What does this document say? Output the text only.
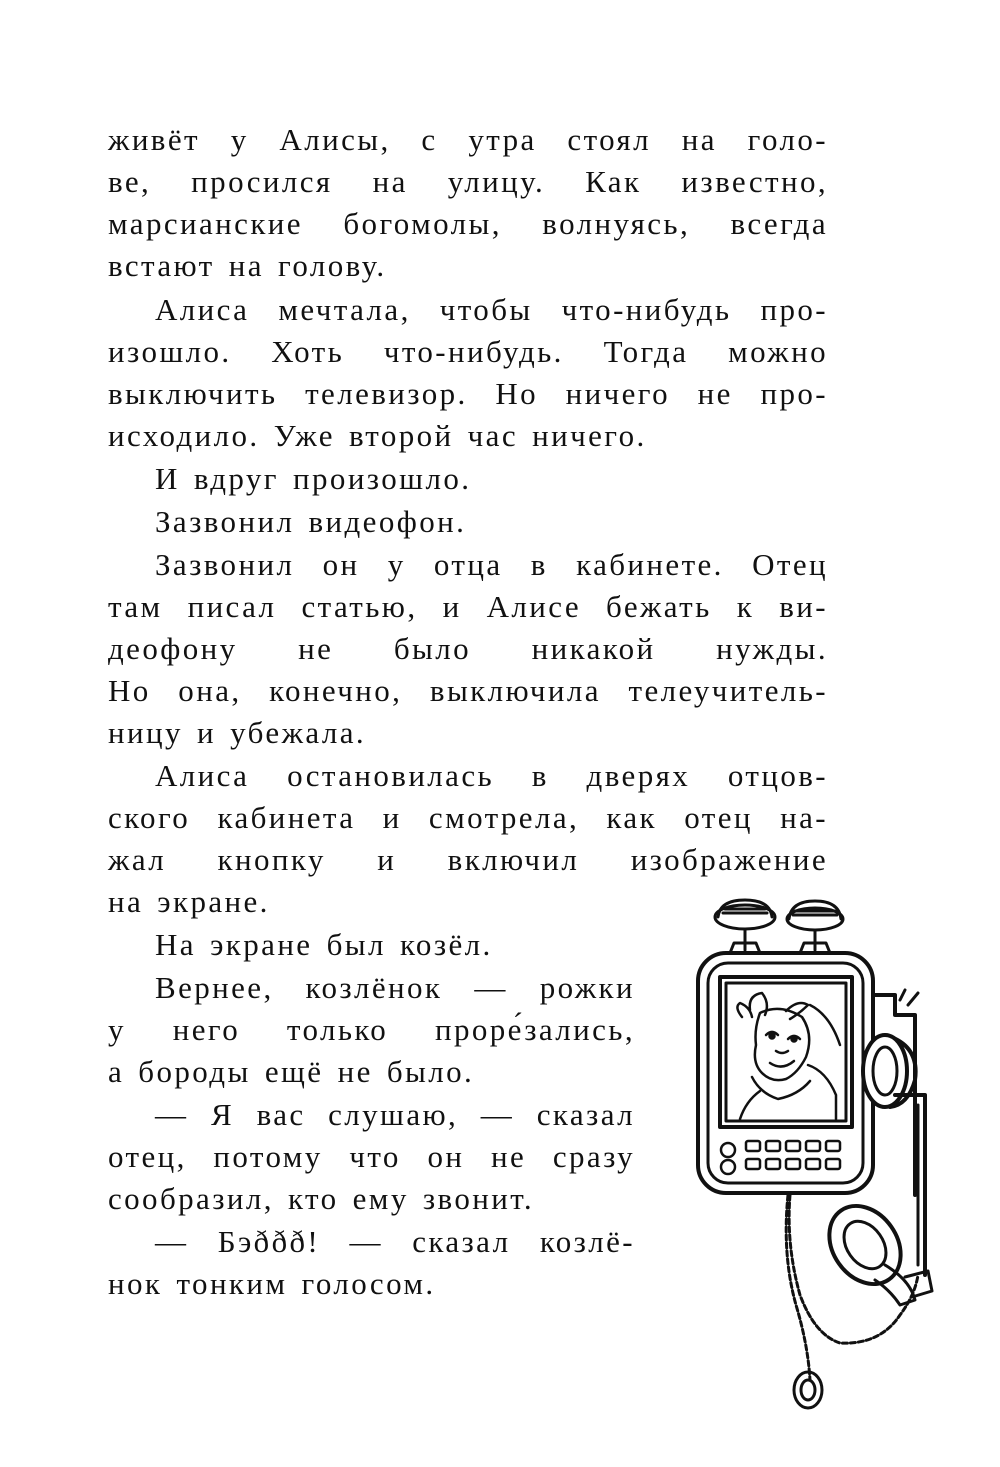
живёт у Алисы, с утра стоял на голо-
ве, просился на улицу. Как известно,
марсианские богомолы, волнуясь, всегда
встают на голову.
Алиса мечтала, чтобы что-нибудь про-
изошло. Хоть что-нибудь. Тогда можно
выключить телевизор. Но ничего не про-
исходило. Уже второй час ничего.
И вдруг произошло.
Зазвонил видеофон.
Зазвонил он у отца в кабинете. Отец
там писал статью, и Алисе бежать к ви-
деофону не было никакой нужды.
Но она, конечно, выключила телеучитель-
ницу и убежала.
Алиса остановилась в дверях отцов-
ского кабинета и смотрела, как отец на-
жал кнопку и включил изображение
на экране.
На экране был козёл.
Вернее, козлёнок — рожки
у него только проре́зались,
а бороды ещё не было.
— Я вас слушаю, — сказал
отец, потому что он не сразу
сообразил, кто ему звонит.
— Бэððð! — сказал козлё-
нок тонким голосом.
